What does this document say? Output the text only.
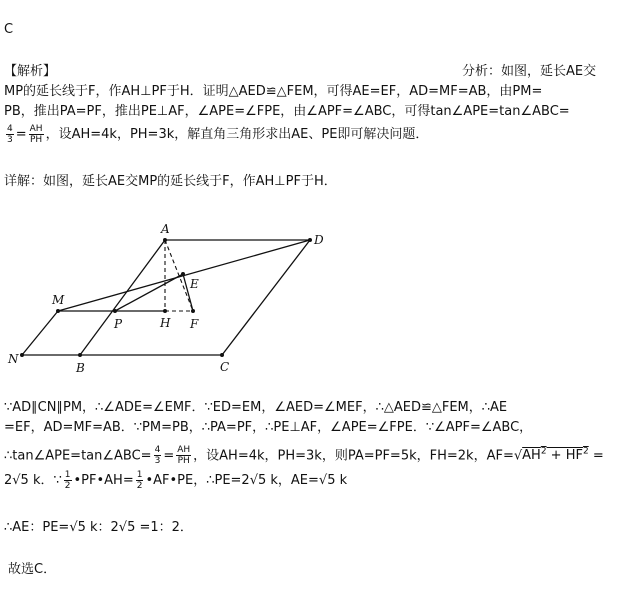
C
【解析】	分析：如图，延长AE交
MP的延长线于F，作AH⊥PF于H．证明△AED≌△FEM，可得AE=EF，AD=MF=AB，由PM=
PB，推出PA=PF，推出PE⊥AF，∠APE=∠FPE，由∠APF=∠ABC，可得tan∠APE=tan∠ABC=
$\frac{4}{3} = \frac{AH}{PH}$ ，设AH=4k，PH=3k，解直角三角形求出AE、PE即可解决问题．
详解：如图，延长AE交MP的延长线于F，作AH⊥PF于H．
A
D
M
E
P	H F
N
B	C
∵AD∥CN∥PM，∴∠ADE=∠EMF．∵ED=EM，∠AED=∠MEF，∴△AED≌△FEM，∴AE
=EF，AD=MF=AB．∵PM=PB，∴PA=PF，∴PE⊥AF，∠APE=∠FPE．∵∠APF=∠ABC，
∴tan∠APE=tan∠ABC= $\frac{4}{3} = \frac{AH}{PH}$ ，设AH=4k，PH=3k，则PA=PF=5k，FH=2k，$AF=√AH^2 + HF^2$ =
2√5 k．∵ $\frac{1}{2}$ •PF•AH= $\frac{1}{2}$ •AF•PE，∴PE=2√5 k，AE=√5 k
∴AE：PE=√5 k：2√5 =1：2．
故选C．
